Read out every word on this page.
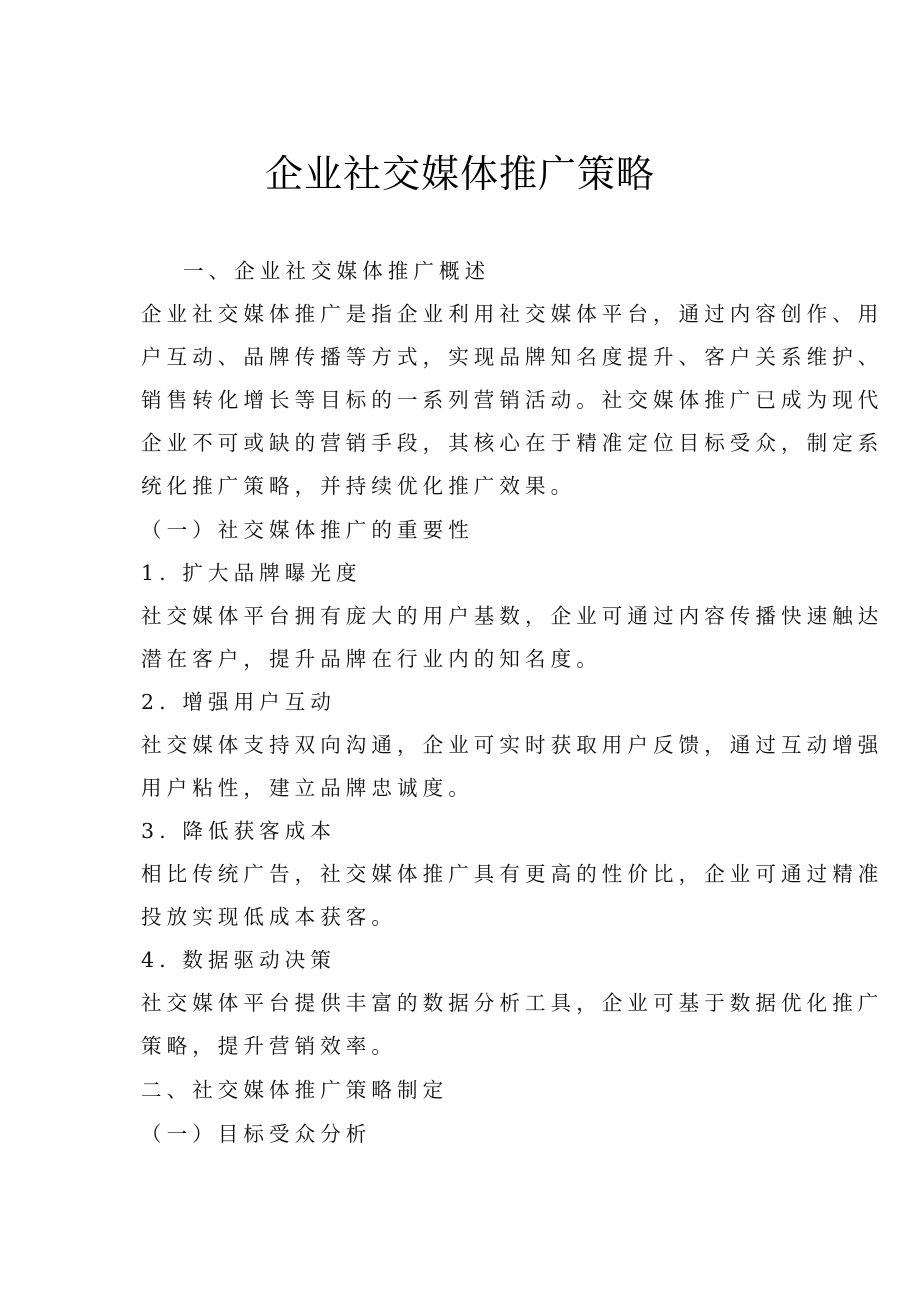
企业社交媒体推广策略
一、企业社交媒体推广概述
企业社交媒体推广是指企业利用社交媒体平台，通过内容创作、用
户互动、品牌传播等方式，实现品牌知名度提升、客户关系维护、
销售转化增长等目标的一系列营销活动。社交媒体推广已成为现代
企业不可或缺的营销手段，其核心在于精准定位目标受众，制定系
统化推广策略，并持续优化推广效果。
（一）社交媒体推广的重要性
1. 扩大品牌曝光度
社交媒体平台拥有庞大的用户基数，企业可通过内容传播快速触达
潜在客户，提升品牌在行业内的知名度。
2. 增强用户互动
社交媒体支持双向沟通，企业可实时获取用户反馈，通过互动增强
用户粘性，建立品牌忠诚度。
3. 降低获客成本
相比传统广告，社交媒体推广具有更高的性价比，企业可通过精准
投放实现低成本获客。
4. 数据驱动决策
社交媒体平台提供丰富的数据分析工具，企业可基于数据优化推广
策略，提升营销效率。
二、社交媒体推广策略制定
（一）目标受众分析
